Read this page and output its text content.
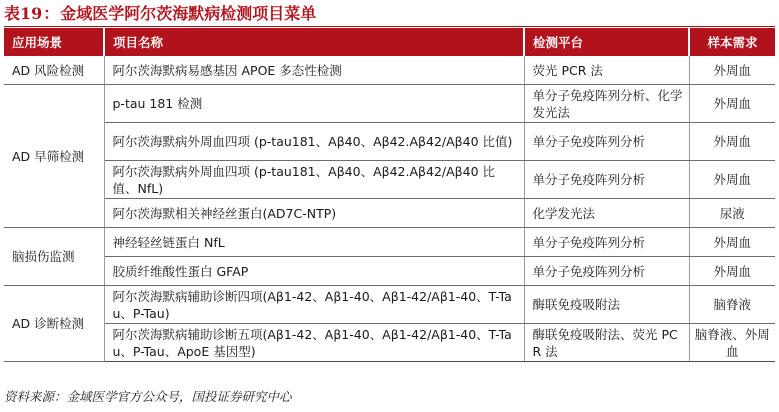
表19：金域医学阿尔茨海默病检测项目菜单
应用场景	项目名称	检测平台	样本需求
AD 风险检测	阿尔茨海默病易感基因 APOE 多态性检测	荧光 PCR 法	外周血
AD 早筛检测	p-tau 181 检测	单分子免疫阵列分析、化学发光法	外周血
	阿尔茨海默病外周血四项 (p-tau181、Aβ40、Aβ42.Aβ42/Aβ40 比值)	单分子免疫阵列分析	外周血
	阿尔茨海默病外周血四项 (p-tau181、Aβ40、Aβ42.Aβ42/Aβ40 比值、NfL)	单分子免疫阵列分析	外周血
	阿尔茨海默相关神经丝蛋白(AD7C-NTP)	化学发光法	尿液
脑损伤监测	神经轻丝链蛋白 NfL	单分子免疫阵列分析	外周血
	胶质纤维酸性蛋白 GFAP	单分子免疫阵列分析	外周血
AD 诊断检测	阿尔茨海默病辅助诊断四项(Aβ1-42、Aβ1-40、Aβ1-42/Aβ1-40、T-Tau、P-Tau)	酶联免疫吸附法	脑脊液
	阿尔茨海默病辅助诊断五项(Aβ1-42、Aβ1-40、Aβ1-42/Aβ1-40、T-Tau、P-Tau、ApoE 基因型)	酶联免疫吸附法、荧光 PCR 法	脑脊液、外周血
资料来源：金域医学官方公众号，国投证券研究中心
